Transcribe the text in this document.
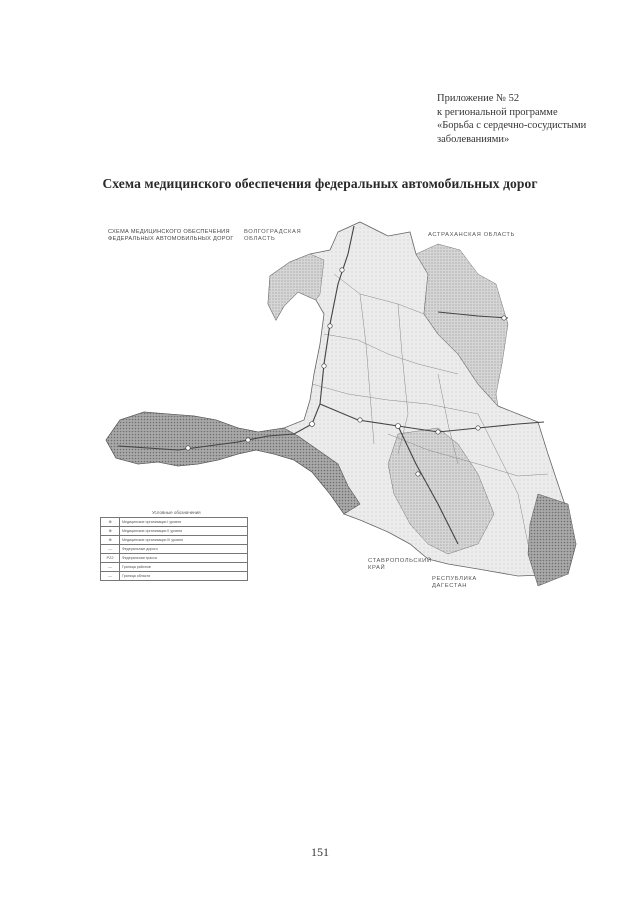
Приложение № 52
к региональной программе
«Борьба с сердечно-сосудистыми
заболеваниями»
Схема медицинского обеспечения федеральных автомобильных дорог
СХЕМА МЕДИЦИНСКОГО ОБЕСПЕЧЕНИЯ
ФЕДЕРАЛЬНЫХ АВТОМОБИЛЬНЫХ ДОРОГ
ВОЛГОГРАДСКАЯ
ОБЛАСТЬ
АСТРАХАНСКАЯ ОБЛАСТЬ
СТАВРОПОЛЬСКИЙ
КРАЙ
РЕСПУБЛИКА
ДАГЕСТАН
Условные обозначения
⊕	Медицинские организации I уровня
⊕	Медицинские организации II уровня
⊕	Медицинские организации III уровня
—	Федеральные дороги
Р22	Федеральная трасса
—	Граница районов
—	Граница области
151
